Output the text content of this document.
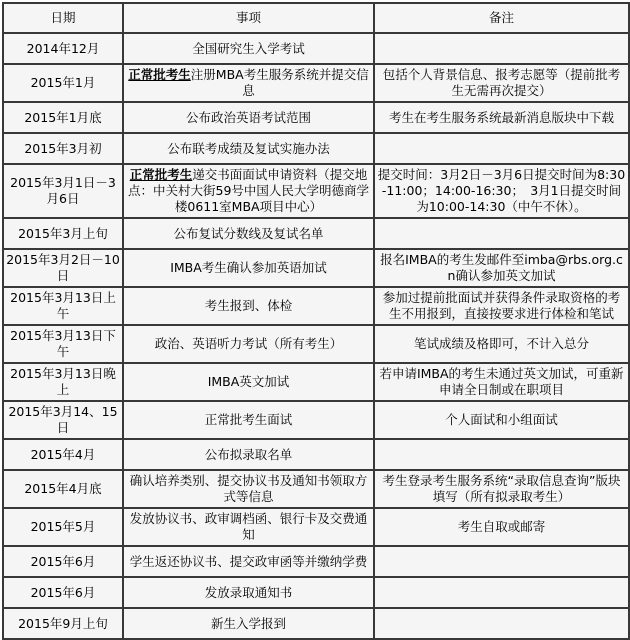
日期	事项	备注
2014年12月	全国研究生入学考试	
2015年1月	正常批考生注册MBA考生服务系统并提交信息	包括个人背景信息、报考志愿等（提前批考生无需再次提交）
2015年1月底	公布政治英语考试范围	考生在考生服务系统最新消息版块中下载
2015年3月初	公布联考成绩及复试实施办法	
2015年3月1日－3月6日	正常批考生递交书面面试申请资料（提交地点：中关村大街59号中国人民大学明德商学楼0611室MBA项目中心）	提交时间：3月2日－3月6日提交时间为8:30-11:00；14:00-16:30；　3月1日提交时间为10:00-14:30（中午不休）。
2015年3月上旬	公布复试分数线及复试名单	
2015年3月2日－10日	IMBA考生确认参加英语加试	报名IMBA的考生发邮件至imba@rbs.org.cn确认参加英文加试
2015年3月13日上午	考生报到、体检	参加过提前批面试并获得条件录取资格的考生不用报到，直接按要求进行体检和笔试
2015年3月13日下午	政治、英语听力考试（所有考生）	笔试成绩及格即可，不计入总分
2015年3月13日晚上	IMBA英文加试	若申请IMBA的考生未通过英文加试，可重新申请全日制或在职项目
2015年3月14、15日	正常批考生面试	个人面试和小组面试
2015年4月	公布拟录取名单	
2015年4月底	确认培养类别、提交协议书及通知书领取方式等信息	考生登录考生服务系统“录取信息查询”版块填写（所有拟录取考生）
2015年5月	发放协议书、政审调档函、银行卡及交费通知	考生自取或邮寄
2015年6月	学生返还协议书、提交政审函等并缴纳学费	
2015年6月	发放录取通知书	
2015年9月上旬	新生入学报到	
